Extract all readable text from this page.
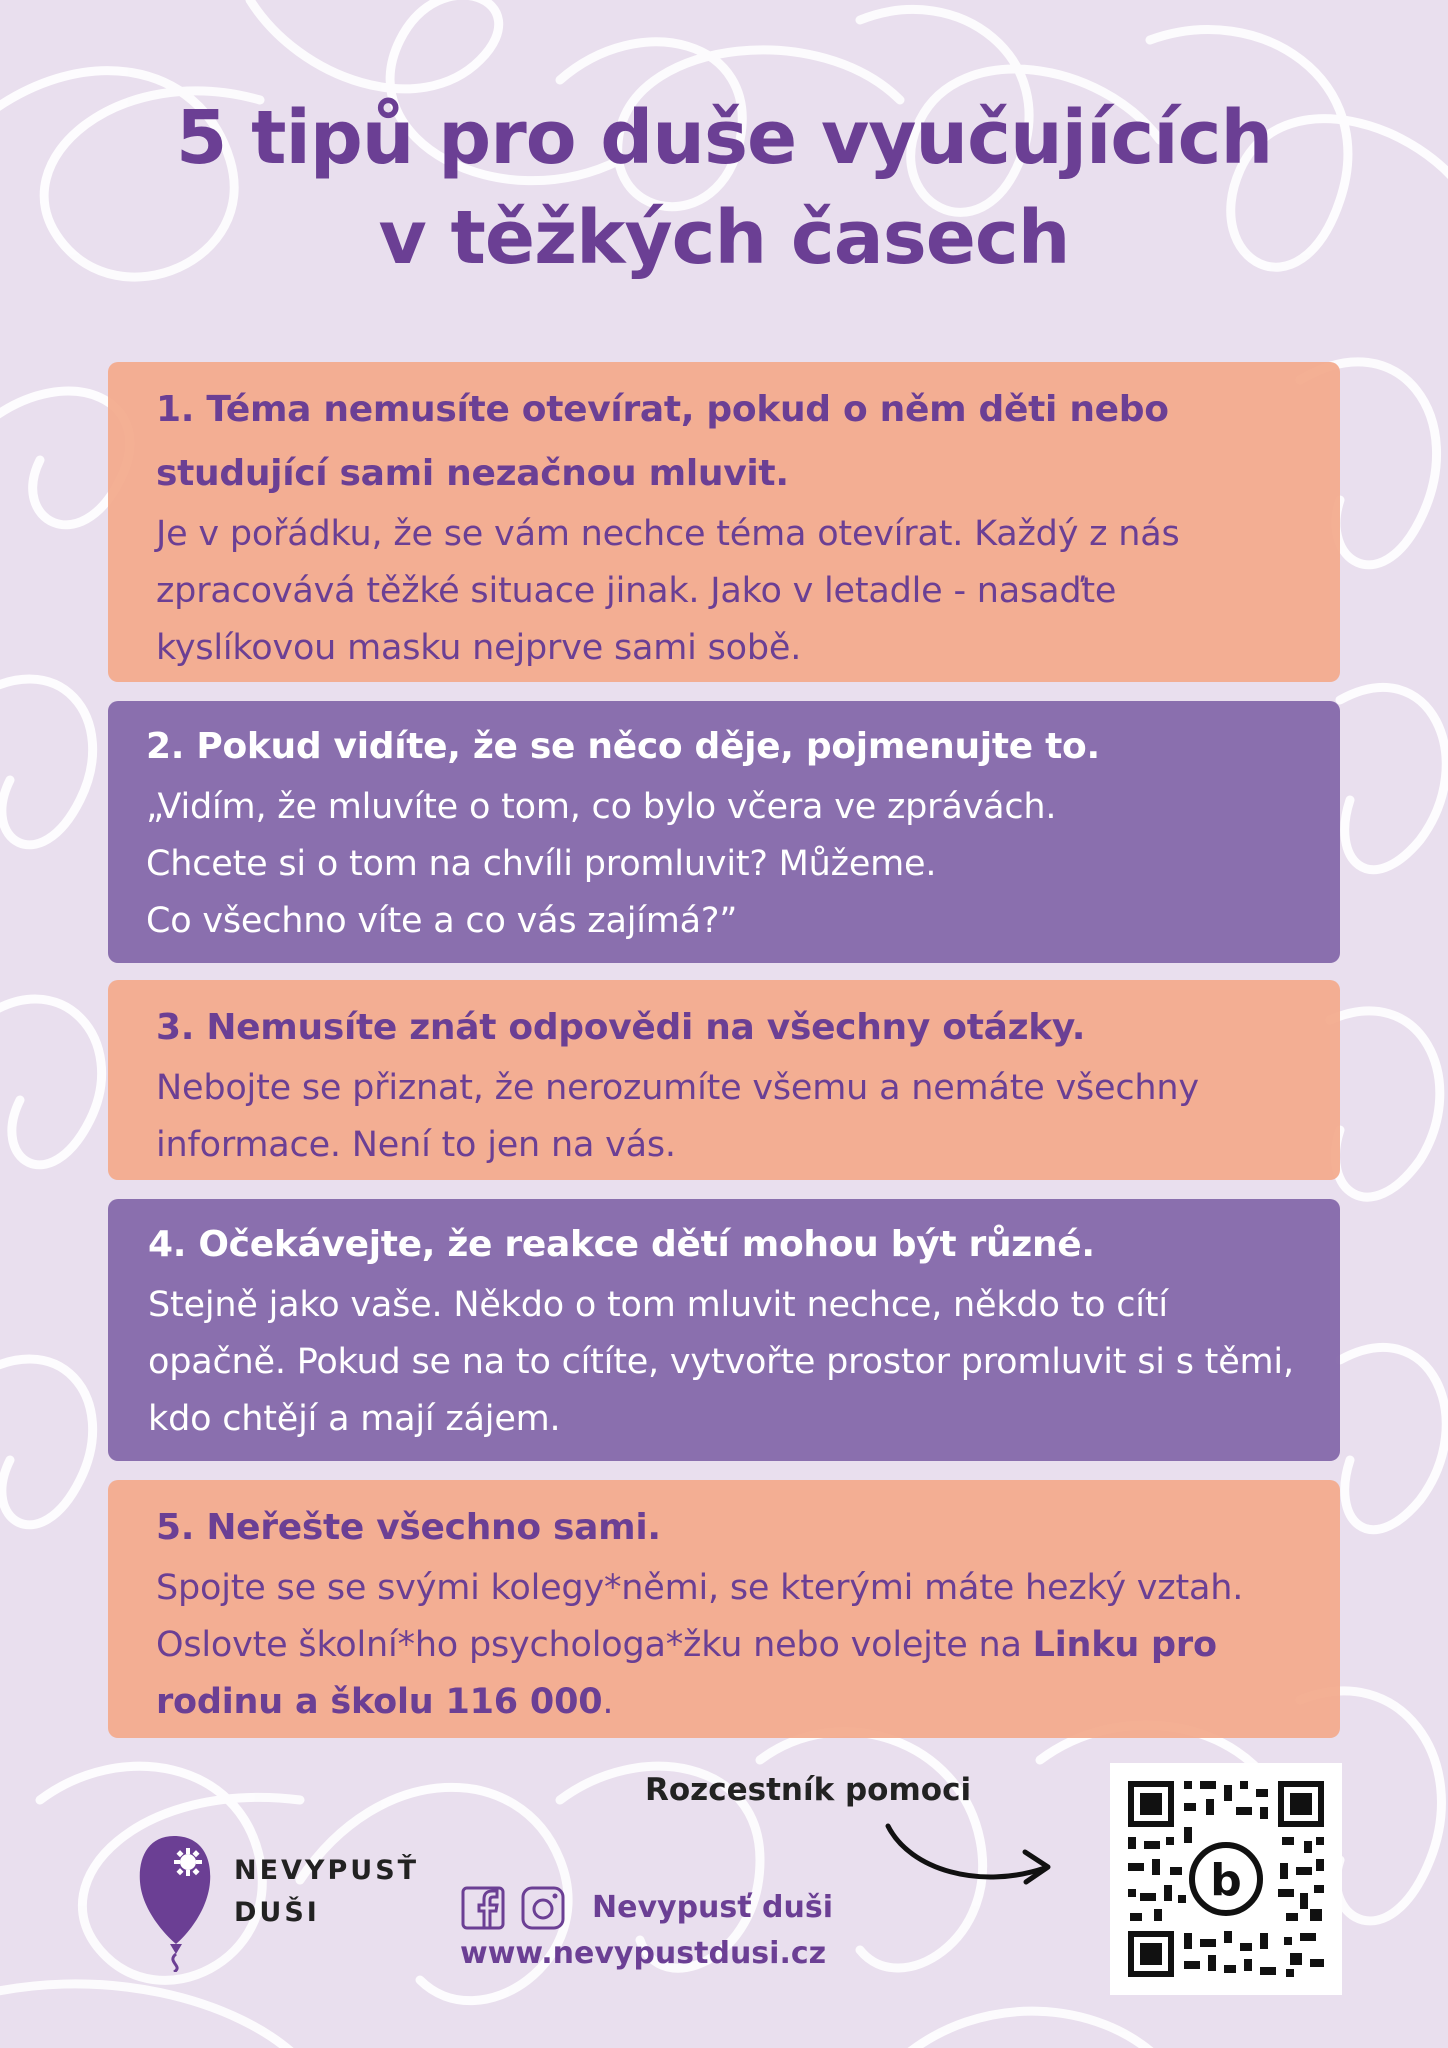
5 tipů pro duše vyučujících
v těžkých časech
1. Téma nemusíte otevírat, pokud o něm děti nebo studující sami nezačnou mluvit.
Je v pořádku, že se vám nechce téma otevírat. Každý z nás zpracovává těžké situace jinak. Jako v letadle - nasaďte kyslíkovou masku nejprve sami sobě.
2. Pokud vidíte, že se něco děje, pojmenujte to.
„Vidím, že mluvíte o tom, co bylo včera ve zprávách.
Chcete si o tom na chvíli promluvit? Můžeme.
Co všechno víte a co vás zajímá?”
3. Nemusíte znát odpovědi na všechny otázky.
Nebojte se přiznat, že nerozumíte všemu a nemáte všechny informace. Není to jen na vás.
4. Očekávejte, že reakce dětí mohou být různé.
Stejně jako vaše. Někdo o tom mluvit nechce, někdo to cítí opačně. Pokud se na to cítíte, vytvořte prostor promluvit si s těmi, kdo chtějí a mají zájem.
5. Neřešte všechno sami.
Spojte se se svými kolegy*němi, se kterými máte hezký vztah. Oslovte školní*ho psychologa*žku nebo volejte na Linku pro rodinu a školu 116 000.
Rozcestník pomoci
b
NEVYPUSŤ
DUŠI	Nevypusť duši
www.nevypustdusi.cz
